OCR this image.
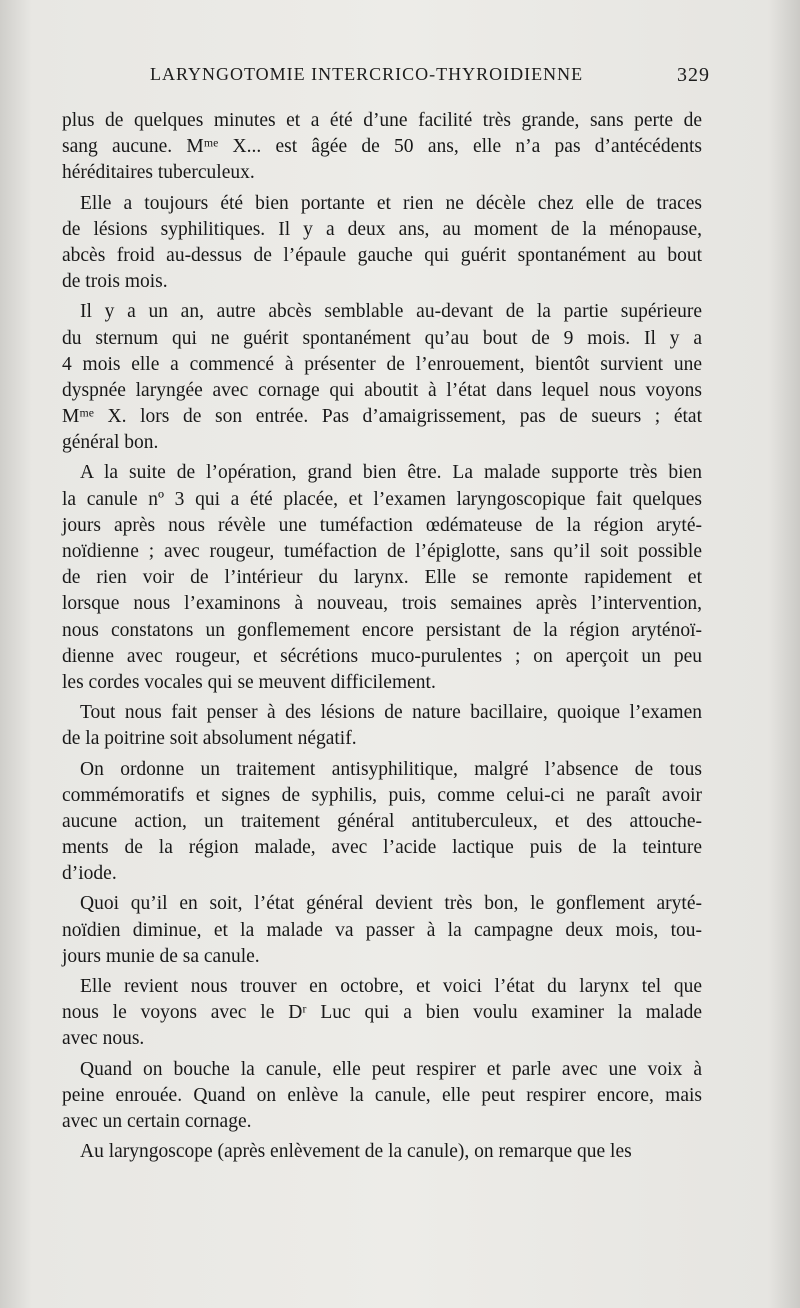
LARYNGOTOMIE INTERCRICO-THYROIDIENNE	329
plus de quelques minutes et a été d’une facilité très grande, sans perte de
sang aucune. Mᵐᵉ X... est âgée de 50 ans, elle n’a pas d’antécédents
héréditaires tuberculeux.
Elle a toujours été bien portante et rien ne décèle chez elle de traces
de lésions syphilitiques. Il y a deux ans, au moment de la ménopause,
abcès froid au-dessus de l’épaule gauche qui guérit spontanément au bout
de trois mois.
Il y a un an, autre abcès semblable au-devant de la partie supérieure
du sternum qui ne guérit spontanément qu’au bout de 9 mois. Il y a
4 mois elle a commencé à présenter de l’enrouement, bientôt survient une
dyspnée laryngée avec cornage qui aboutit à l’état dans lequel nous voyons
Mᵐᵉ X. lors de son entrée. Pas d’amaigrissement, pas de sueurs ; état
général bon.
A la suite de l’opération, grand bien être. La malade supporte très bien
la canule nº 3 qui a été placée, et l’examen laryngoscopique fait quelques
jours après nous révèle une tuméfaction œdémateuse de la région aryté-
noïdienne ; avec rougeur, tuméfaction de l’épiglotte, sans qu’il soit possible
de rien voir de l’intérieur du larynx. Elle se remonte rapidement et
lorsque nous l’examinons à nouveau, trois semaines après l’intervention,
nous constatons un gonflemement encore persistant de la région aryténoï-
dienne avec rougeur, et sécrétions muco-purulentes ; on aperçoit un peu
les cordes vocales qui se meuvent difficilement.
Tout nous fait penser à des lésions de nature bacillaire, quoique l’examen
de la poitrine soit absolument négatif.
On ordonne un traitement antisyphilitique, malgré l’absence de tous
commémoratifs et signes de syphilis, puis, comme celui-ci ne paraît avoir
aucune action, un traitement général antituberculeux, et des attouche-
ments de la région malade, avec l’acide lactique puis de la teinture
d’iode.
Quoi qu’il en soit, l’état général devient très bon, le gonflement aryté-
noïdien diminue, et la malade va passer à la campagne deux mois, tou-
jours munie de sa canule.
Elle revient nous trouver en octobre, et voici l’état du larynx tel que
nous le voyons avec le Dʳ Luc qui a bien voulu examiner la malade
avec nous.
Quand on bouche la canule, elle peut respirer et parle avec une voix à
peine enrouée. Quand on enlève la canule, elle peut respirer encore, mais
avec un certain cornage.
Au laryngoscope (après enlèvement de la canule), on remarque que les
